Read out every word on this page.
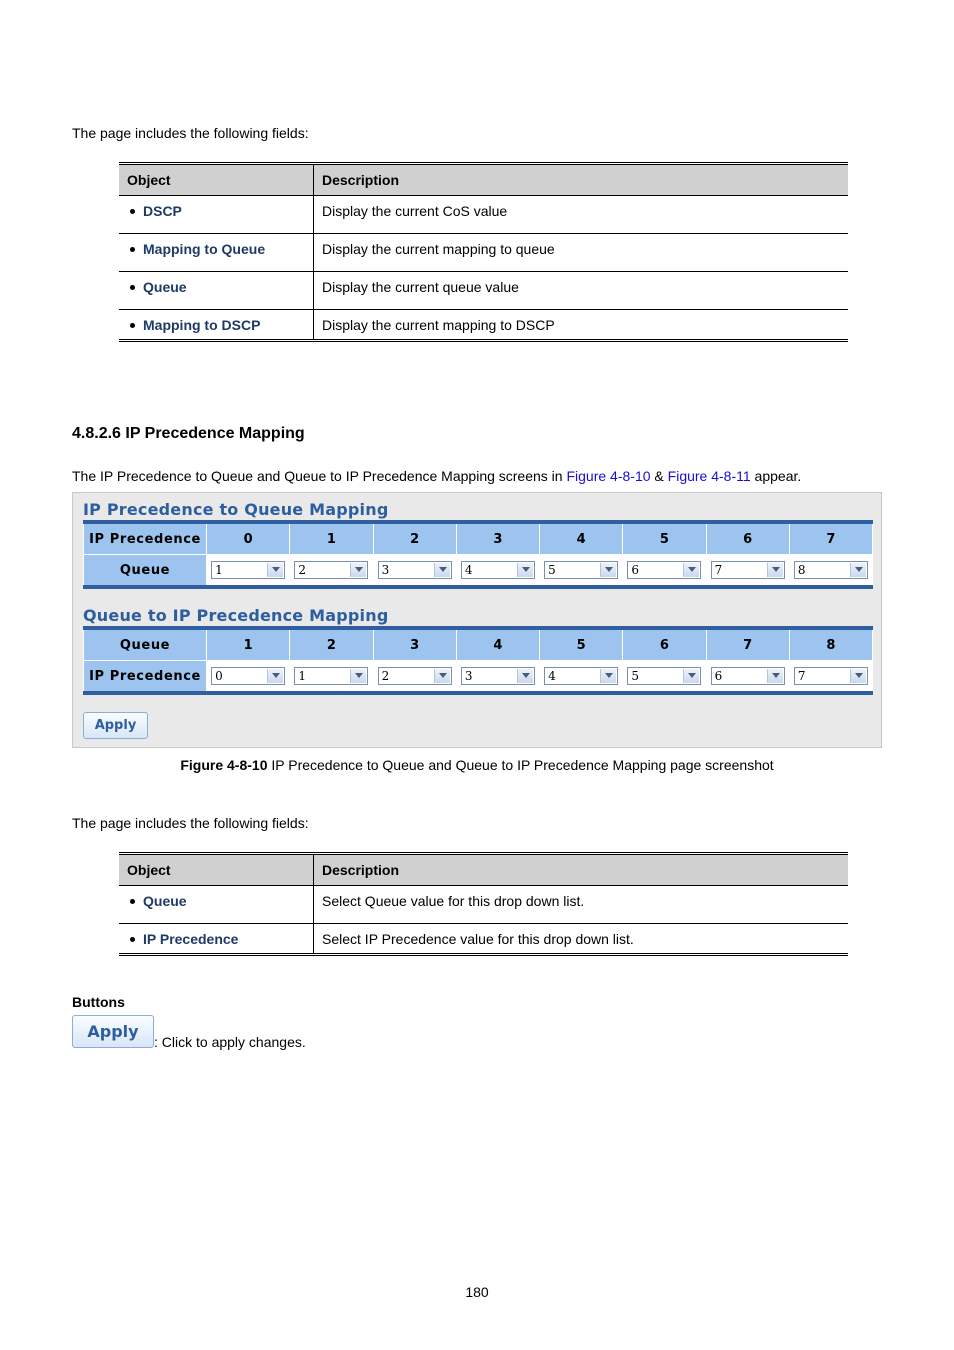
The page includes the following fields:
Object	Description
DSCP	Display the current CoS value
Mapping to Queue	Display the current mapping to queue
Queue	Display the current queue value
Mapping to DSCP	Display the current mapping to DSCP
4.8.2.6 IP Precedence Mapping
The IP Precedence to Queue and Queue to IP Precedence Mapping screens in Figure 4-8-10 & Figure 4-8-11 appear.
IP Precedence to Queue Mapping
IP Precedence	0	1	2	3	4	5	6	7
Queue	1	2	3	4	5	6	7	8
Queue to IP Precedence Mapping
Queue	1	2	3	4	5	6	7	8
IP Precedence	0	1	2	3	4	5	6	7
Apply
Figure 4-8-10 IP Precedence to Queue and Queue to IP Precedence Mapping page screenshot
The page includes the following fields:
Object	Description
Queue	Select Queue value for this drop down list.
IP Precedence	Select IP Precedence value for this drop down list.
Buttons
Apply
: Click to apply changes.
180
